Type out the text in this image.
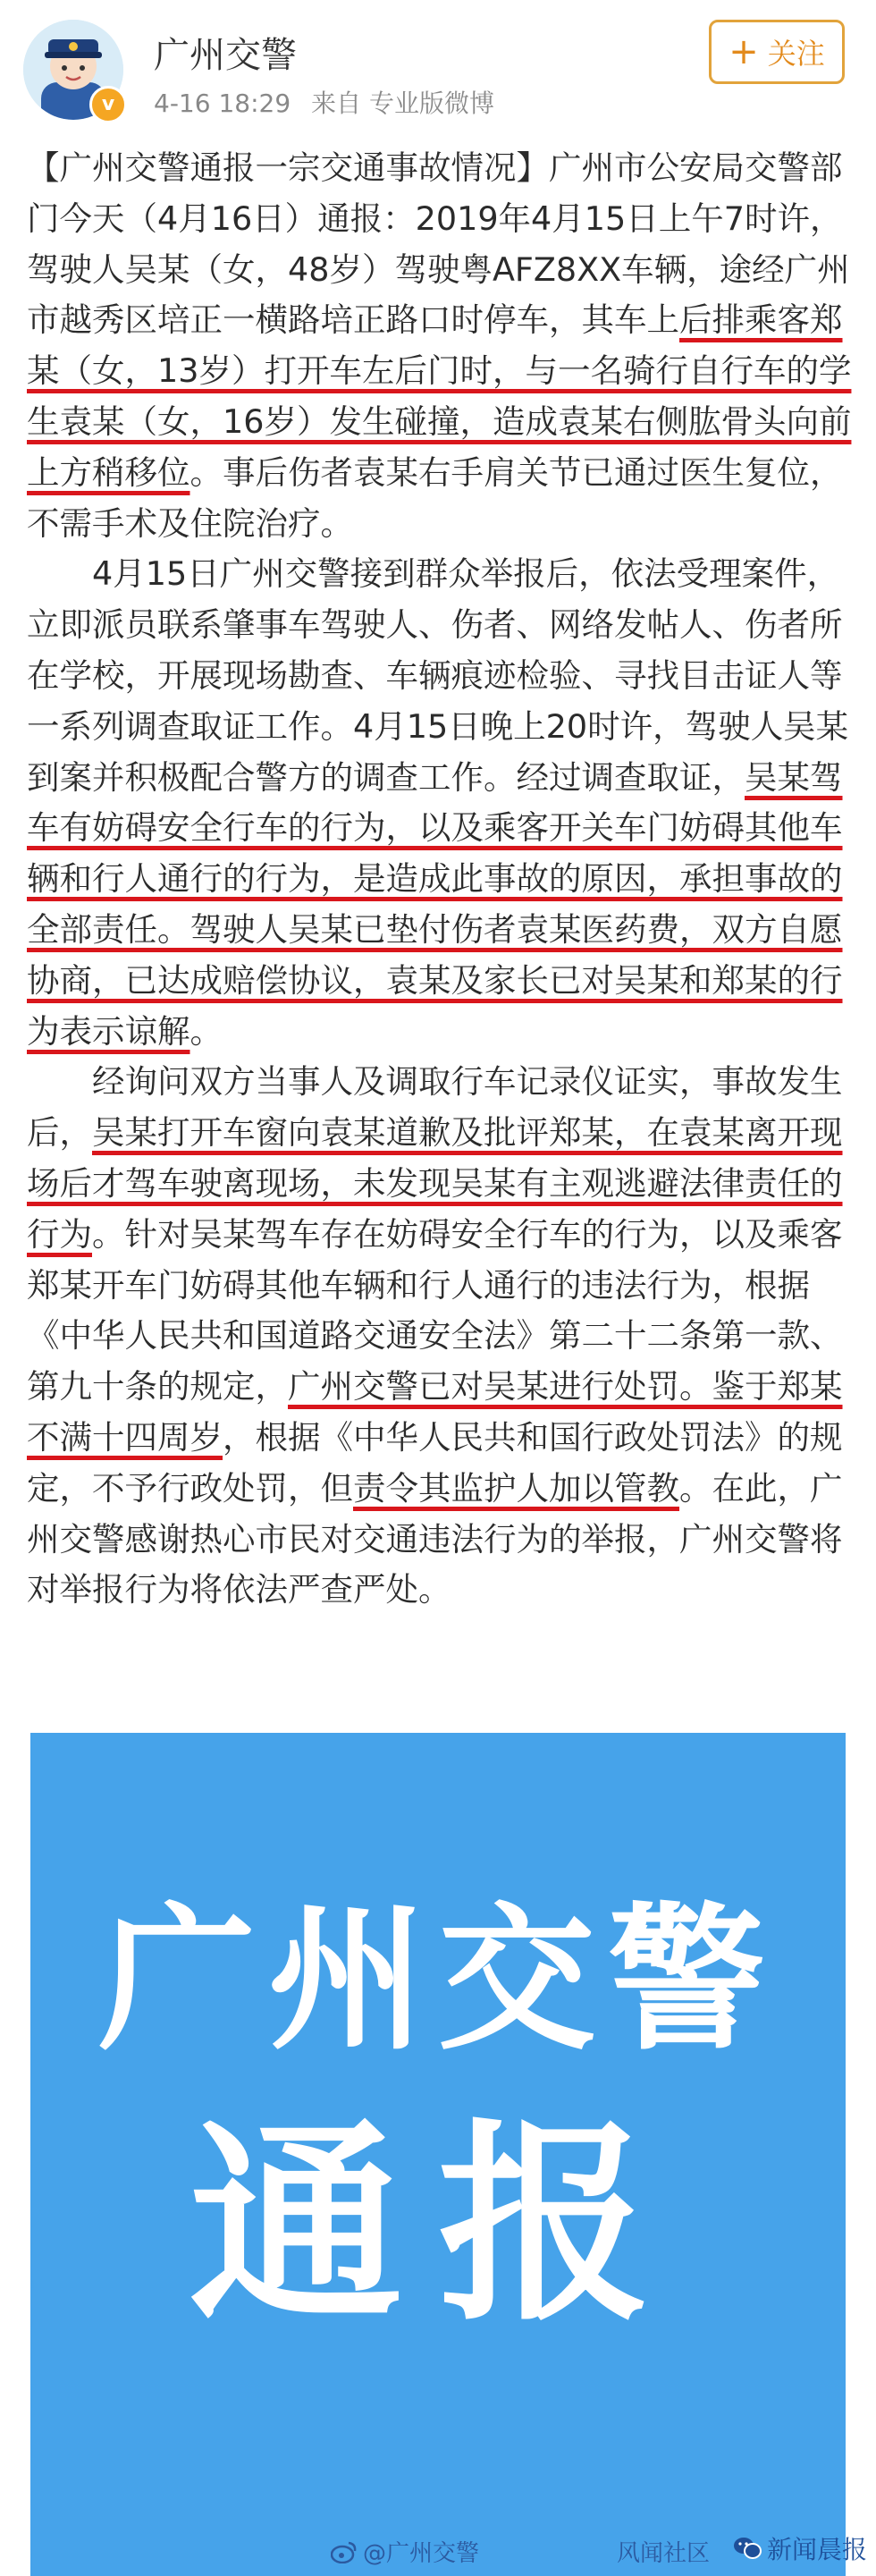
v
广州交警
4-16 18:29 来自 专业版微博
+ 关注

【广州交警通报一宗交通事故情况】广州市公安局交警部门今天（4月16日）通报：2019年4月15日上午7时许，驾驶人吴某（女，48岁）驾驶粤AFZ8XX车辆，途经广州市越秀区培正一横路培正路口时停车，其车上后排乘客郑某（女，13岁）打开车左后门时，与一名骑行自行车的学生袁某（女，16岁）发生碰撞，造成袁某右侧肱骨头向前上方稍移位。事后伤者袁某右手肩关节已通过医生复位，不需手术及住院治疗。

4月15日广州交警接到群众举报后，依法受理案件，立即派员联系肇事车驾驶人、伤者、网络发帖人、伤者所在学校，开展现场勘查、车辆痕迹检验、寻找目击证人等一系列调查取证工作。4月15日晚上20时许，驾驶人吴某到案并积极配合警方的调查工作。经过调查取证，吴某驾车有妨碍安全行车的行为，以及乘客开关车门妨碍其他车辆和行人通行的行为，是造成此事故的原因，承担事故的全部责任。驾驶人吴某已垫付伤者袁某医药费，双方自愿协商，已达成赔偿协议，袁某及家长已对吴某和郑某的行为表示谅解。

经询问双方当事人及调取行车记录仪证实，事故发生后，吴某打开车窗向袁某道歉及批评郑某，在袁某离开现场后才驾车驶离现场，未发现吴某有主观逃避法律责任的行为。针对吴某驾车存在妨碍安全行车的行为，以及乘客郑某开车门妨碍其他车辆和行人通行的违法行为，根据《中华人民共和国道路交通安全法》第二十二条第一款、第九十条的规定，广州交警已对吴某进行处罚。鉴于郑某不满十四周岁，根据《中华人民共和国行政处罚法》的规定，不予行政处罚，但责令其监护人加以管教。在此，广州交警感谢热心市民对交通违法行为的举报，广州交警将对举报行为将依法严查严处。

广州交警
通报
@广州交警	风闻社区 新闻晨报
